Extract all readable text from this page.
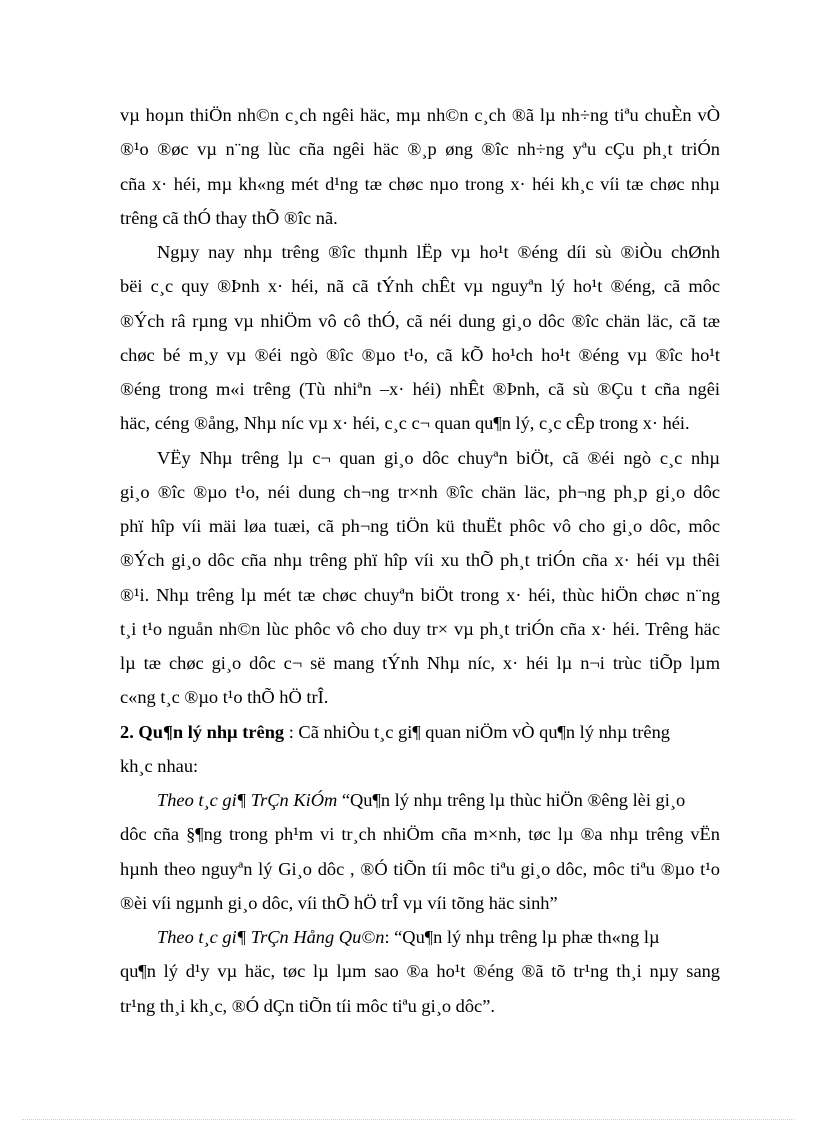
vµ hoµn thiÖn nh©n c¸ch ngêi häc, mµ nh©n c¸ch ®ã lµ nh÷ng tiªu chuÈn vÒ
®¹o ®øc vµ n¨ng lùc cña ngêi häc ®¸p øng ®îc nh÷ng yªu cÇu ph¸t triÓn
cña x· héi, mµ kh«ng mét d¹ng tæ chøc nµo trong x· héi kh¸c víi tæ chøc nhµ
trêng cã thÓ thay thÕ ®îc nã.
Ngµy nay nhµ trêng ®îc thµnh lËp vµ ho¹t ®éng díi sù ®iÒu chØnh
bëi c¸c quy ®Þnh x· héi, nã cã tÝnh chÊt vµ nguyªn lý ho¹t ®éng, cã môc
®Ých râ rµng vµ nhiÖm vô cô thÓ, cã néi dung gi¸o dôc ®îc chän läc, cã tæ
chøc bé m¸y vµ ®éi ngò ®îc ®µo t¹o, cã kÕ ho¹ch ho¹t ®éng vµ ®îc ho¹t
®éng trong m«i trêng (Tù nhiªn –x· héi) nhÊt ®Þnh, cã sù ®Çu t cña ngêi
häc, céng ®ång, Nhµ níc vµ x· héi, c¸c c¬ quan qu¶n lý, c¸c cÊp trong x· héi.
VËy Nhµ trêng lµ c¬ quan gi¸o dôc chuyªn biÖt, cã ®éi ngò c¸c nhµ
gi¸o ®îc ®µo t¹o, néi dung ch¬ng tr×nh ®îc chän läc, ph¬ng ph¸p gi¸o dôc
phï hîp víi mäi løa tuæi, cã ph¬ng tiÖn kü thuËt phôc vô cho gi¸o dôc, môc
®Ých gi¸o dôc cña nhµ trêng phï hîp víi xu thÕ ph¸t triÓn cña x· héi vµ thêi
®¹i. Nhµ trêng lµ mét tæ chøc chuyªn biÖt trong x· héi, thùc hiÖn chøc n¨ng
t¸i t¹o nguån nh©n lùc phôc vô cho duy tr× vµ ph¸t triÓn cña x· héi. Trêng häc
lµ tæ chøc gi¸o dôc c¬ së mang tÝnh Nhµ níc, x· héi lµ n¬i trùc tiÕp lµm
c«ng t¸c ®µo t¹o thÕ hÖ trÎ.
2. Qu¶n lý nhµ trêng : Cã nhiÒu t¸c gi¶ quan niÖm vÒ qu¶n lý nhµ trêng
kh¸c nhau:
Theo t¸c gi¶ TrÇn KiÓm “Qu¶n lý nhµ trêng lµ thùc hiÖn ®êng lèi gi¸o
dôc cña §¶ng trong ph¹m vi tr¸ch nhiÖm cña m×nh, tøc lµ ®a nhµ trêng vËn
hµnh theo nguyªn lý Gi¸o dôc , ®Ó tiÕn tíi môc tiªu gi¸o dôc, môc tiªu ®µo t¹o
®èi víi ngµnh gi¸o dôc, víi thÕ hÖ trÎ vµ víi tõng häc sinh”
Theo t¸c gi¶ TrÇn Hång Qu©n: “Qu¶n lý nhµ trêng lµ phæ th«ng lµ
qu¶n lý d¹y vµ häc, tøc lµ lµm sao ®a ho¹t ®éng ®ã tõ tr¹ng th¸i nµy sang
tr¹ng th¸i kh¸c, ®Ó dÇn tiÕn tíi môc tiªu gi¸o dôc”.
